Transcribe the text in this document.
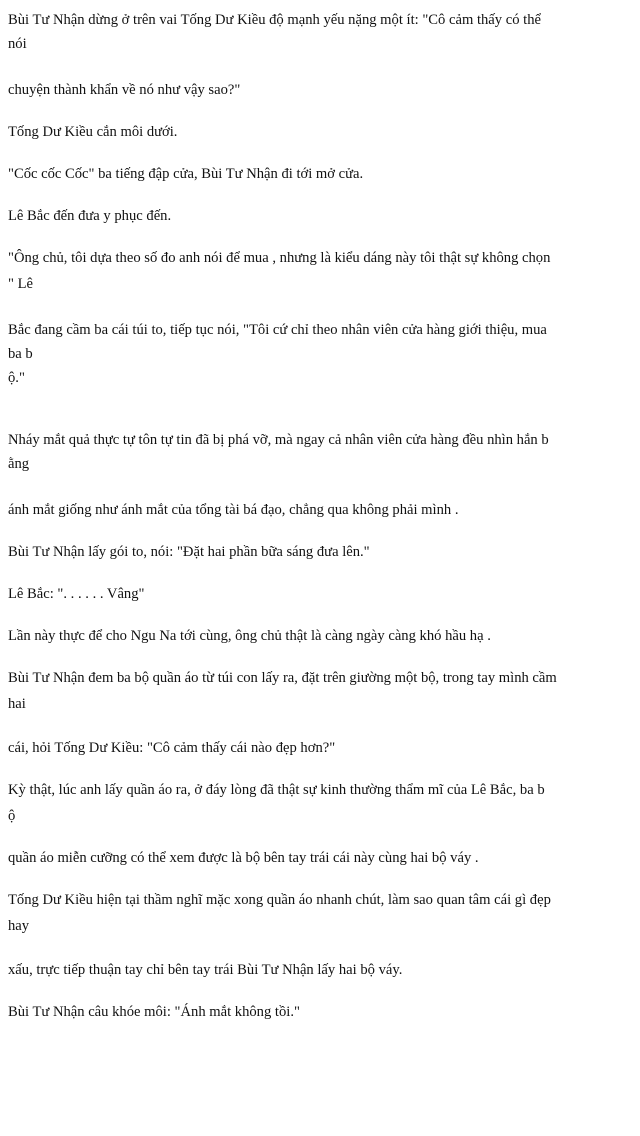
Bùi Tư Nhận dừng ở trên vai Tống Dư Kiều độ mạnh yếu nặng một ít: "Cô cảm thấy có thể
nói
chuyện thành khẩn về nó như vậy sao?"
Tống Dư Kiều cắn môi dưới.
"Cốc cốc Cốc" ba tiếng đập cửa, Bùi Tư Nhận đi tới mở cửa.
Lê Bắc đến đưa y phục đến.
"Ông chủ, tôi dựa theo số đo anh nói để mua , nhưng là kiểu dáng này tôi thật sự không chọn
" Lê
Bắc đang cầm ba cái túi to, tiếp tục nói, "Tôi cứ chỉ theo nhân viên cửa hàng giới thiệu, mua
ba b
ộ."
Nháy mắt quả thực tự tôn tự tin đã bị phá vỡ, mà ngay cả nhân viên cửa hàng đều nhìn hắn b
ằng
ánh mắt giống như ánh mắt của tổng tài bá đạo, chẳng qua không phải mình .
Bùi Tư Nhận lấy gói to, nói: "Đặt hai phần bữa sáng đưa lên."
Lê Bắc: ". . . . . . Vâng"
Lần này thực để cho Ngu Na tới cùng, ông chủ thật là càng ngày càng khó hầu hạ .
Bùi Tư Nhận đem ba bộ quần áo từ túi con lấy ra, đặt trên giường một bộ, trong tay mình cầm
hai
cái, hỏi Tống Dư Kiều: "Cô cảm thấy cái nào đẹp hơn?"
Kỳ thật, lúc anh lấy quần áo ra, ở đáy lòng đã thật sự kinh thường thẩm mĩ của Lê Bắc, ba b
ộ
quần áo miễn cưỡng có thể xem được là bộ bên tay trái cái này cùng hai bộ váy .
Tống Dư Kiều hiện tại thầm nghĩ mặc xong quần áo nhanh chút, làm sao quan tâm cái gì đẹp
hay
xấu, trực tiếp thuận tay chỉ bên tay trái Bùi Tư Nhận lấy hai bộ váy.
Bùi Tư Nhận câu khóe môi: "Ánh mắt không tồi."
